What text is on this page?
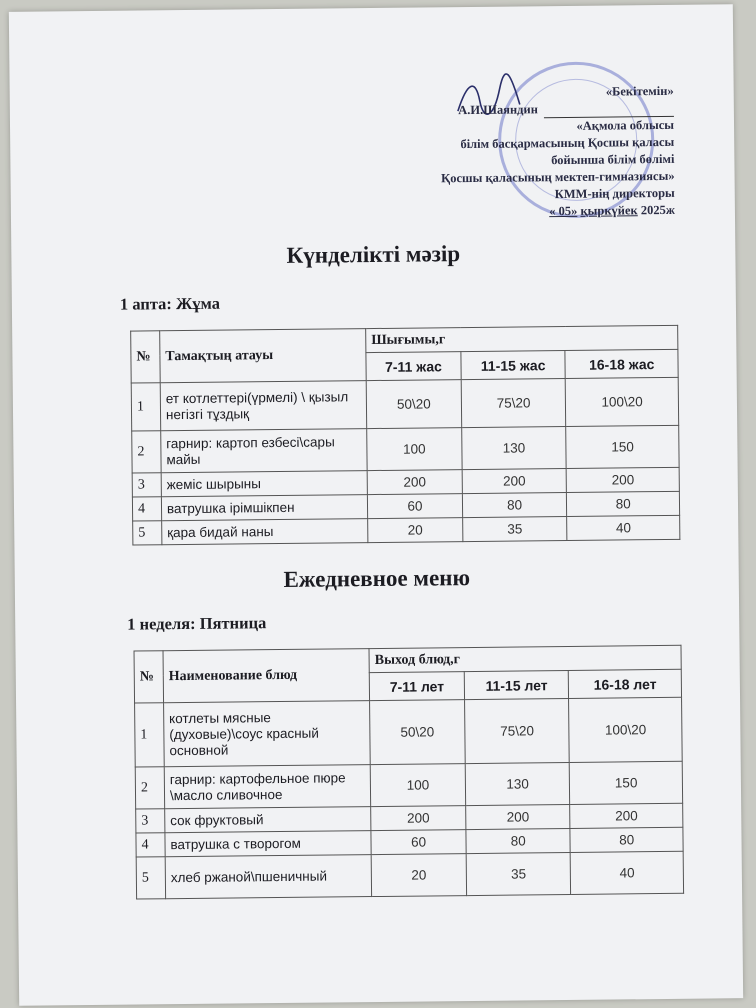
«Бекітемін»
А.И.Шаяндин
«Ақмола облысы
білім басқармасының Қосшы қаласы
бойынша білім бөлімі
Қосшы қаласының мектеп-гимназиясы»
КММ-нің директоры
« 05» қыркүйек 2025ж
Күнделікті мәзір

1 апта: Жұма

№	Тамақтың атауы	Шығымы,г		
		7-11 жас	11-15 жас	16-18 жас
1	ет котлеттері(үрмелі) \ қызыл негізгі тұздық	50\20	75\20	100\20
2	гарнир: картоп езбесі\сары майы	100	130	150
3	жеміс шырыны	200	200	200
4	ватрушка ірімшікпен	60	80	80
5	қара бидай наны	20	35	40
Ежедневное меню

1 неделя: Пятница

№	Наименование блюд	Выход блюд,г		
		7-11 лет	11-15 лет	16-18 лет
1	котлеты мясные (духовые)\соус красный основной	50\20	75\20	100\20
2	гарнир: картофельное пюре \масло сливочное	100	130	150
3	сок фруктовый	200	200	200
4	ватрушка с творогом	60	80	80
5	хлеб ржаной\пшеничный	20	35	40
